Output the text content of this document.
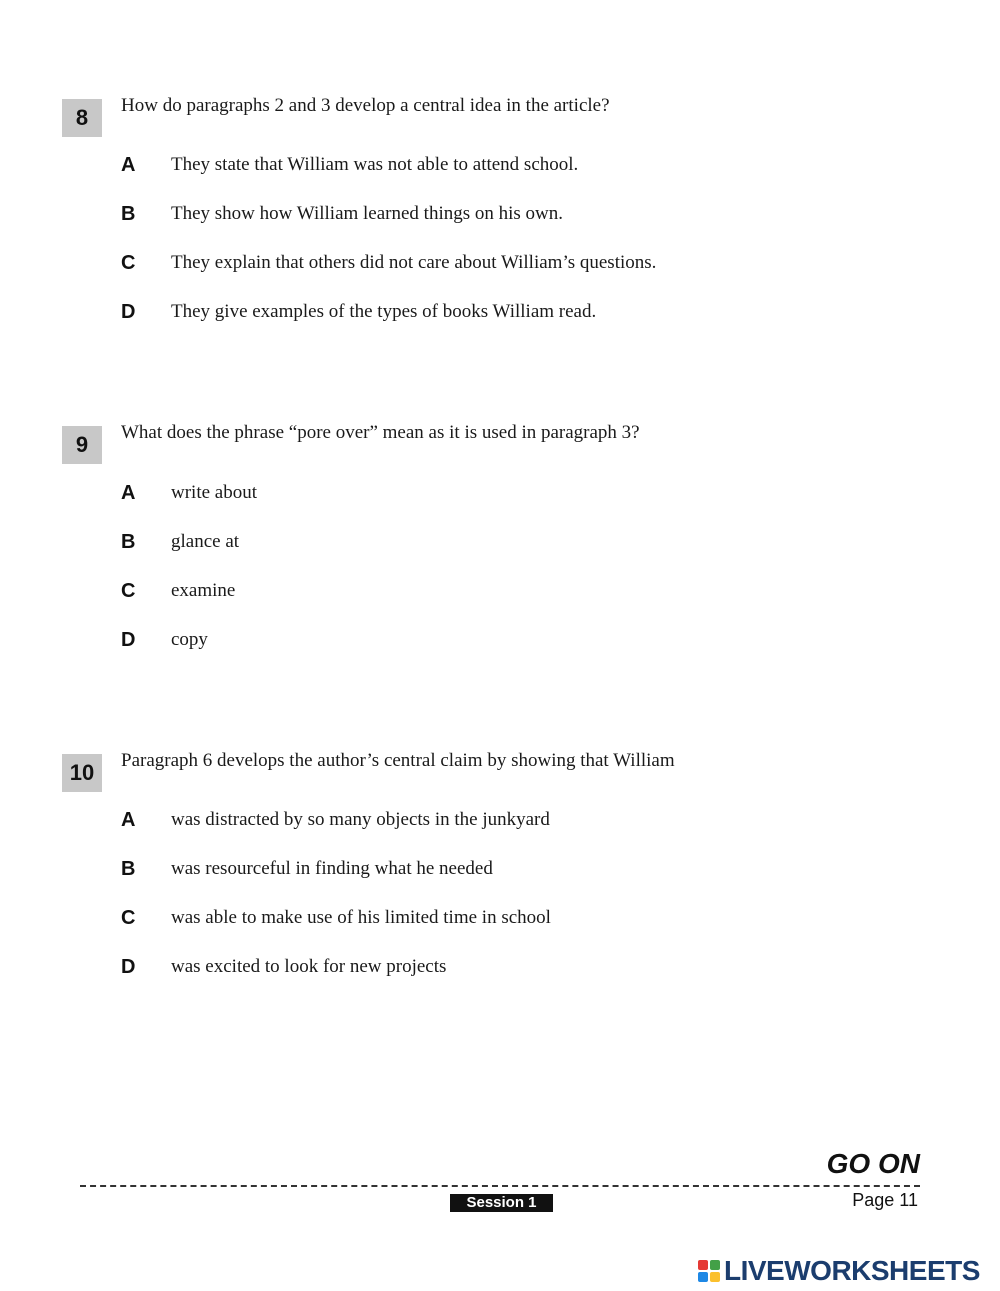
8	How do paragraphs 2 and 3 develop a central idea in the article?
A They state that William was not able to attend school.
B They show how William learned things on his own.
C They explain that others did not care about William’s questions.
D They give examples of the types of books William read.
9	What does the phrase “pore over” mean as it is used in paragraph 3?
A write about
B glance at
C examine
D copy
10	Paragraph 6 develops the author’s central claim by showing that William
A was distracted by so many objects in the junkyard
B was resourceful in finding what he needed
C was able to make use of his limited time in school
D was excited to look for new projects
GO ON
Session 1	Page 11
LIVEWORKSHEETS
